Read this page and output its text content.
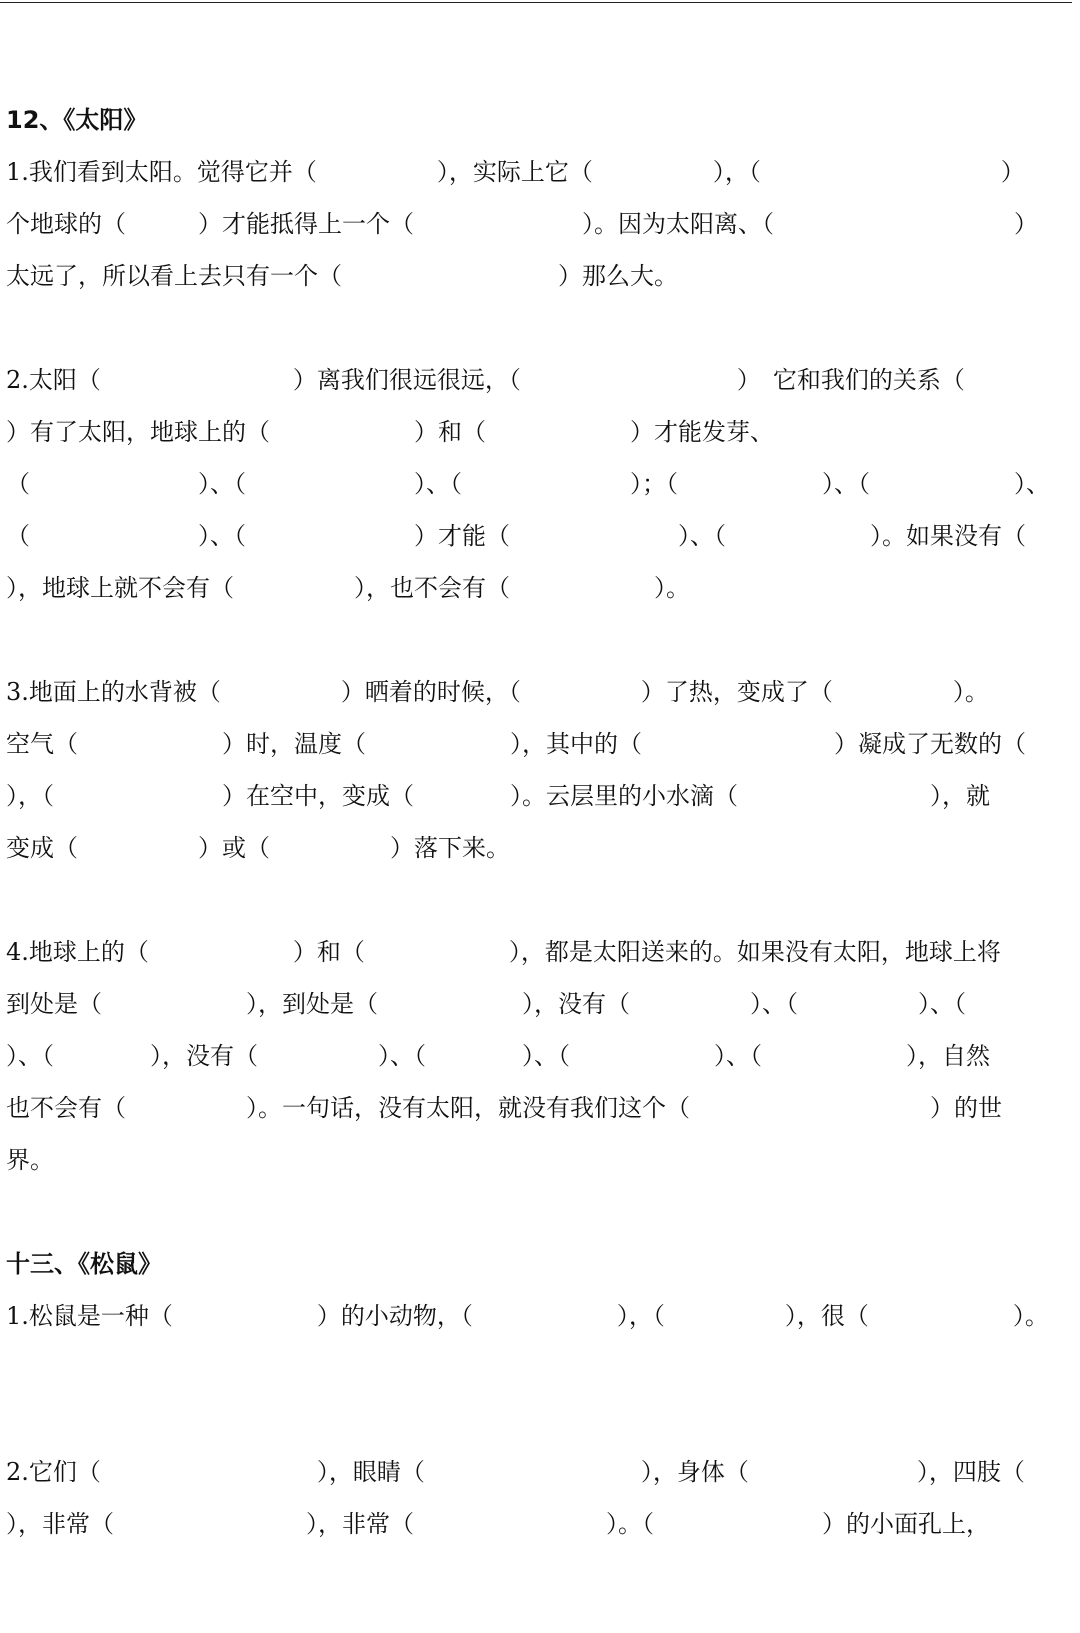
12、《太阳》
1.我们看到太阳。觉得它并（　　　　　），实际上它（　　　　　），（　　　　　　　　　　）
个地球的（　　　）才能抵得上一个（　　　　　　　）。因为太阳离、（　　　　　　　　　　）
太远了，所以看上去只有一个（　　　　　　　　　）那么大。
2.太阳（　　　　　　　　）离我们很远很远，（　　　　　　　　　）　它和我们的关系（
）有了太阳，地球上的（　　　　　　）和（　　　　　　）才能发芽、
（　　　　　　　）、（　　　　　　　）、（　　　　　　　）；（　　　　　　）、（　　　　　　）、
（　　　　　　　）、（　　　　　　　）才能（　　　　　　　）、（　　　　　　）。如果没有（
），地球上就不会有（　　　　　），也不会有（　　　　　　）。
3.地面上的水背被（　　　　　）晒着的时候，（　　　　　）了热，变成了（　　　　　）。
空气（　　　　　　）时，温度（　　　　　　），其中的（　　　　　　　　）凝成了无数的（
），（　　　　　　　）在空中，变成（　　　　）。云层里的小水滴（　　　　　　　　），就
变成（　　　　　）或（　　　　　）落下来。
4.地球上的（　　　　　　）和（　　　　　　），都是太阳送来的。如果没有太阳，地球上将
到处是（　　　　　　），到处是（　　　　　　），没有（　　　　　）、（　　　　　）、（
）、（　　　　），没有（　　　　　）、（　　　　）、（　　　　　　）、（　　　　　　），自然
也不会有（　　　　　）。一句话，没有太阳，就没有我们这个（　　　　　　　　　　）的世
界。
十三、《松鼠》
1.松鼠是一种（　　　　　　）的小动物，（　　　　　　），（　　　　　），很（　　　　　　）。
2.它们（　　　　　　　　　），眼睛（　　　　　　　　　），身体（　　　　　　　），四肢（
），非常（　　　　　　　　），非常（　　　　　　　　）。（　　　　　　　）的小面孔上，
